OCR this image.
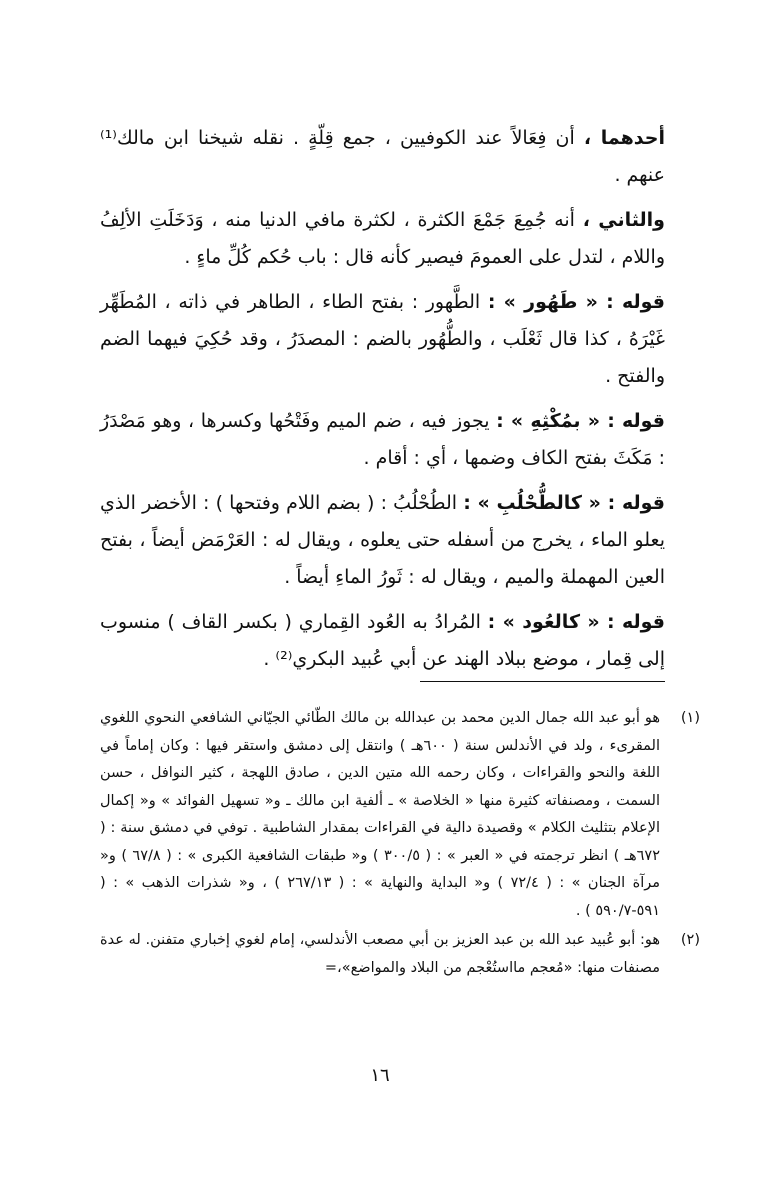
أحدهما ، أن فِعَالاً عند الكوفيين ، جمع قِلّةٍ . نقله شيخنا ابن مالك⁽¹⁾ عنهم .

والثاني ، أنه جُمِعَ جَمْعَ الكثرة ، لكثرة مافي الدنيا منه ، وَدَخَلَتِ الألِفُ واللام ، لتدل على العمومَ فيصير كأنه قال : باب حُكم كُلِّ ماءٍ .

قوله : « طَهُور » : الطَّهور : بفتح الطاء ، الطاهر في ذاته ، المُطَهِّر غَيْرَهُ ، كذا قال ثَعْلَب ، والطُّهُور بالضم : المصدَرُ ، وقد حُكِيَ فيهما الضم والفتح .

قوله : « بمُكْثِهِ » : يجوز فيه ، ضم الميم وفَتْحُها وكسرها ، وهو مَصْدَرُ : مَكَثَ بفتح الكاف وضمها ، أي : أقام .

قوله : « كالطُّحْلُبِ » : الطُحْلُبُ : ( بضم اللام وفتحها ) : الأخضر الذي يعلو الماء ، يخرج من أسفله حتى يعلوه ، ويقال له : العَرْمَض أيضاً ، بفتح العين المهملة والميم ، ويقال له : ثَورُ الماءِ أيضاً .

قوله : « كالعُود » : المُرادُ به العُود القِماري ( بكسر القاف ) منسوب إلى قِمار ، موضع ببلاد الهند عن أبي عُبيد البكري⁽²⁾ .

(١)
هو أبو عبد الله جمال الدين محمد بن عبدالله بن مالك الطّائي الجيّاني الشافعي النحوي اللغوي المقرىء ، ولد في الأندلس سنة ( ٦٠٠هـ ) وانتقل إلى دمشق واستقر فيها : وكان إماماً في اللغة والنحو والقراءات ، وكان رحمه الله متين الدين ، صادق اللهجة ، كثير النوافل ، حسن السمت ، ومصنفاته كثيرة منها « الخلاصة » ـ ألفية ابن مالك ـ و« تسهيل الفوائد » و« إكمال الإعلام بتثليث الكلام » وقصيدة دالية في القراءات بمقدار الشاطبية . توفي في دمشق سنة : ( ٦٧٢هـ ) انظر ترجمته في « العبر » : ( ٣٠٠/٥ ) و« طبقات الشافعية الكبرى » : ( ٦٧/٨ ) و« مرآة الجنان » : ( ٧٢/٤ ) و« البداية والنهاية » : ( ٢٦٧/١٣ ) ، و« شذرات الذهب » : ( ٥٩١-٥٩٠/٧ ) .
(٢)
هو: أبو عُبيد عبد الله بن عبد العزيز بن أبي مصعب الأندلسي، إمام لغوي إخباري متفنن. له عدة مصنفات منها: «مُعجم مااستُعْجم من البلاد والمواضع»،=
١٦
